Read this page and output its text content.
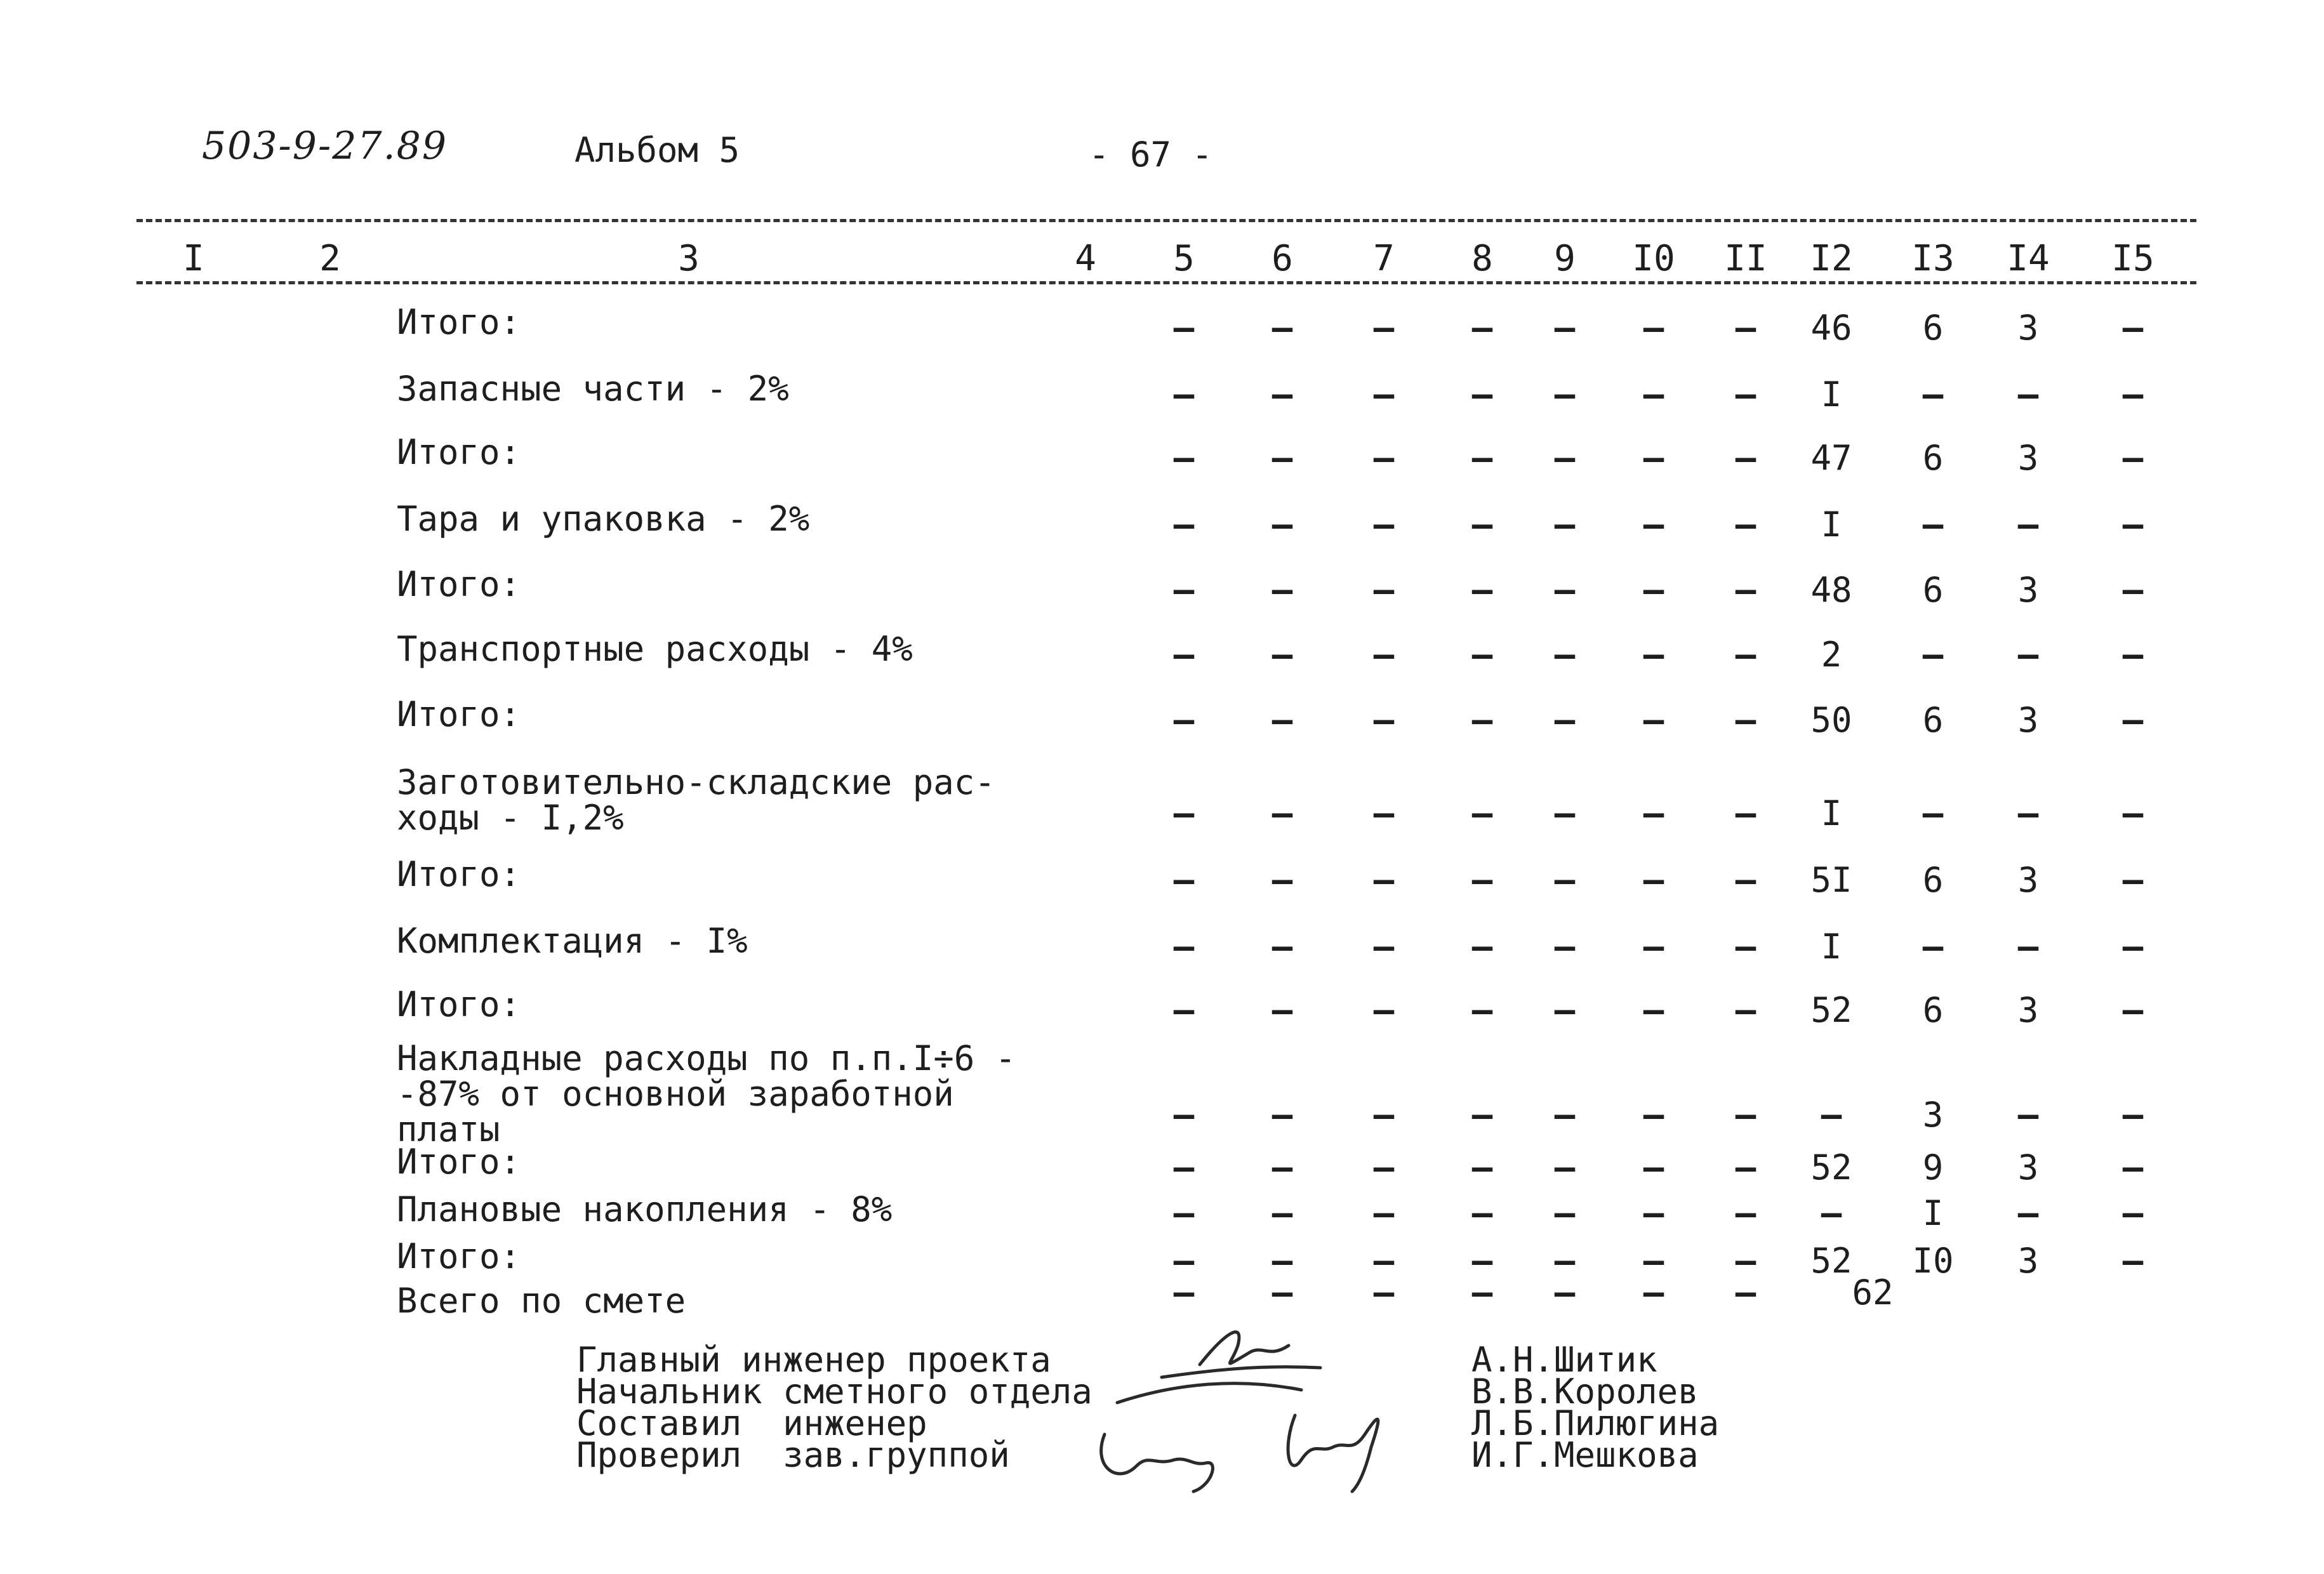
503-9-27.89	Альбом 5	- 67 -
I	2	3	4 5 6 7 8 9 I0 II I2 I3 I4 I5
Итого:	– – – – – – – 46 6 3 –
Запасные части - 2%	– – – – – – – I – – –
Итого:	– – – – – – – 47 6 3 –
Тара и упаковка - 2%	– – – – – – – I – – –
Итого:	– – – – – – – 48 6 3 –
Транспортные расходы - 4%	– – – – – – – 2 – – –
Итого:	– – – – – – – 50 6 3 –
Заготовительно-складские рас-
ходы - I,2%	– – – – – – – I – – –
Итого:	– – – – – – – 5I 6 3 –
Комплектация - I%	– – – – – – – I – – –
Итого:	– – – – – – – 52 6 3 –
Накладные расходы по п.п.I÷6 -
-87% от основной заработной
платы	– – – – – – – – 3 – –
Итого:	– – – – – – – 52 9 3 –
Плановые накопления - 8%	– – – – – – – – I – –
Итого:	– – – – – – – 52 I0 3 –
Всего по смете	– – – – – – –	62
Главный инженер проекта
Начальник сметного отдела
Составил  инженер
Проверил  зав.группой
А.Н.Шитик
В.В.Королев
Л.Б.Пилюгина
И.Г.Мешкова
